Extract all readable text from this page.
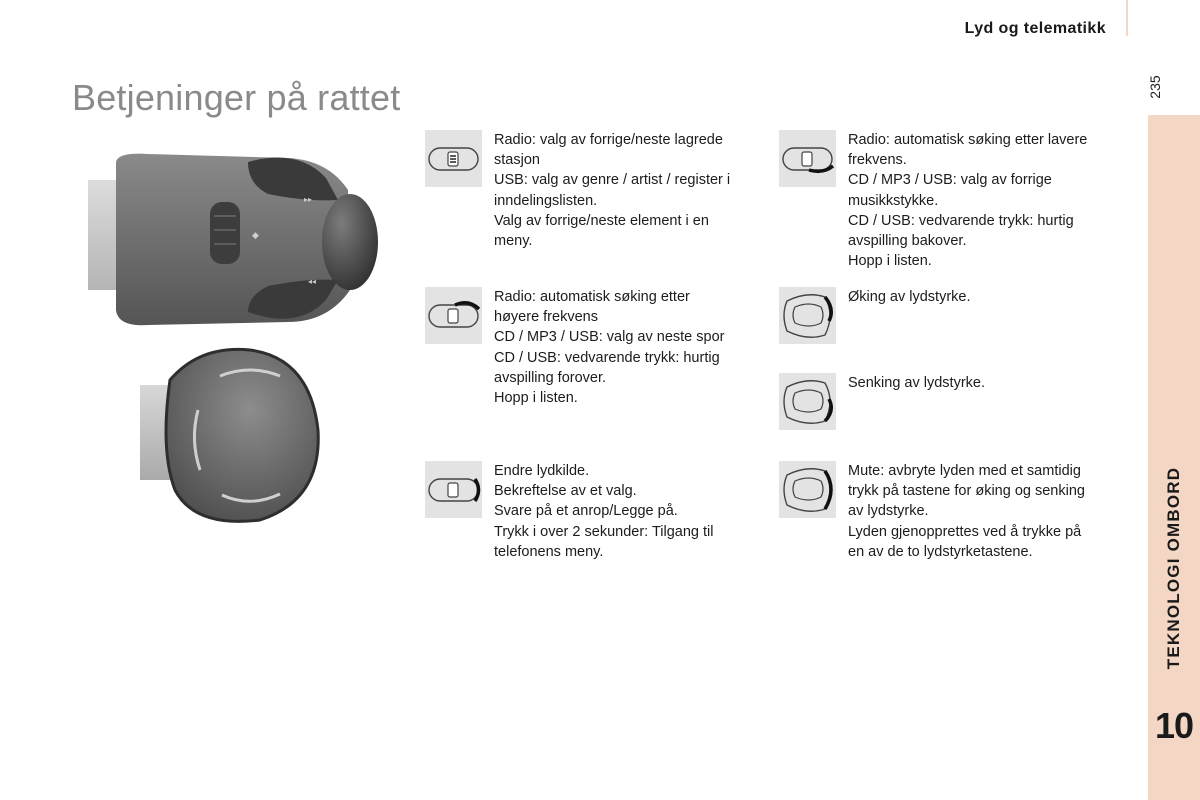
Lyd og telematikk
235
TEKNOLOGI OMBORD
10
Betjeninger på rattet
▸▸
◂◂
◆
Radio: valg av forrige/neste lagrede
stasjon
USB: valg av genre / artist / register i
inndelingslisten.
Valg av forrige/neste element i en
meny.
Radio: automatisk søking etter lavere
frekvens.
CD / MP3 / USB: valg av forrige
musikkstykke.
CD / USB: vedvarende trykk: hurtig
avspilling bakover.
Hopp i listen.
Radio: automatisk søking etter
høyere frekvens
CD / MP3 / USB: valg av neste spor
CD / USB: vedvarende trykk: hurtig
avspilling forover.
Hopp i listen.
Øking av lydstyrke.
Senking av lydstyrke.
Endre lydkilde.
Bekreftelse av et valg.
Svare på et anrop/Legge på.
Trykk i over 2 sekunder: Tilgang til
telefonens meny.
Mute: avbryte lyden med et samtidig
trykk på tastene for øking og senking
av lydstyrke.
Lyden gjenopprettes ved å trykke på
en av de to lydstyrketastene.
